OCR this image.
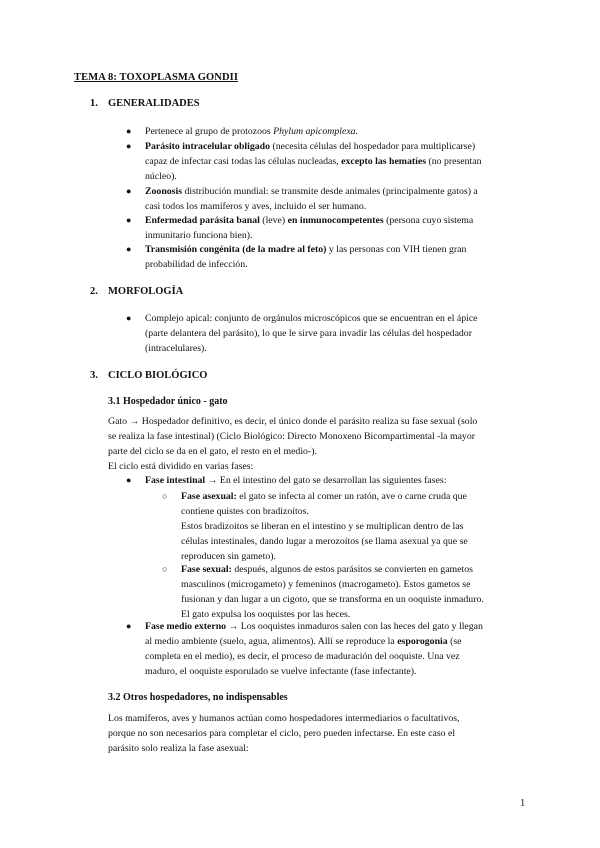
TEMA 8: TOXOPLASMA GONDII
1. GENERALIDADES
● Pertenece al grupo de protozoos Phylum apicomplexa.
● Parásito intracelular obligado (necesita células del hospedador para multiplicarse)
capaz de infectar casi todas las células nucleadas, excepto las hematíes (no presentan
núcleo).
● Zoonosis distribución mundial: se transmite desde animales (principalmente gatos) a
casi todos los mamíferos y aves, incluido el ser humano.
● Enfermedad parásita banal (leve) en inmunocompetentes (persona cuyo sistema
inmunitario funciona bien).
● Transmisión congénita (de la madre al feto) y las personas con VIH tienen gran
probabilidad de infección.
2. MORFOLOGÍA
● Complejo apical: conjunto de orgánulos microscópicos que se encuentran en el ápice
(parte delantera del parásito), lo que le sirve para invadir las células del hospedador
(intracelulares).
3. CICLO BIOLÓGICO
3.1 Hospedador único - gato
Gato → Hospedador definitivo, es decir, el único donde el parásito realiza su fase sexual (solo
se realiza la fase intestinal) (Ciclo Biológico: Directo Monoxeno Bicompartimental -la mayor
parte del ciclo se da en el gato, el resto en el medio-).
El ciclo está dividido en varias fases:
● Fase intestinal → En el intestino del gato se desarrollan las siguientes fases:
○ Fase asexual: el gato se infecta al comer un ratón, ave o carne cruda que
contiene quistes con bradizoítos.
Estos bradizoítos se liberan en el intestino y se multiplican dentro de las
células intestinales, dando lugar a merozoítos (se llama asexual ya que se
reproducen sin gameto).
○ Fase sexual: después, algunos de estos parásitos se convierten en gametos
masculinos (microgameto) y femeninos (macrogameto). Estos gametos se
fusionan y dan lugar a un cigoto, que se transforma en un ooquiste inmaduro.
El gato expulsa los ooquistes por las heces.
● Fase medio externo → Los ooquistes inmaduros salen con las heces del gato y llegan
al medio ambiente (suelo, agua, alimentos). Allí se reproduce la esporogonia (se
completa en el medio), es decir, el proceso de maduración del ooquiste. Una vez
maduro, el ooquiste esporulado se vuelve infectante (fase infectante).
3.2 Otros hospedadores, no indispensables
Los mamíferos, aves y humanos actúan como hospedadores intermediarios o facultativos,
porque no son necesarios para completar el ciclo, pero pueden infectarse. En este caso el
parásito solo realiza la fase asexual:
1
